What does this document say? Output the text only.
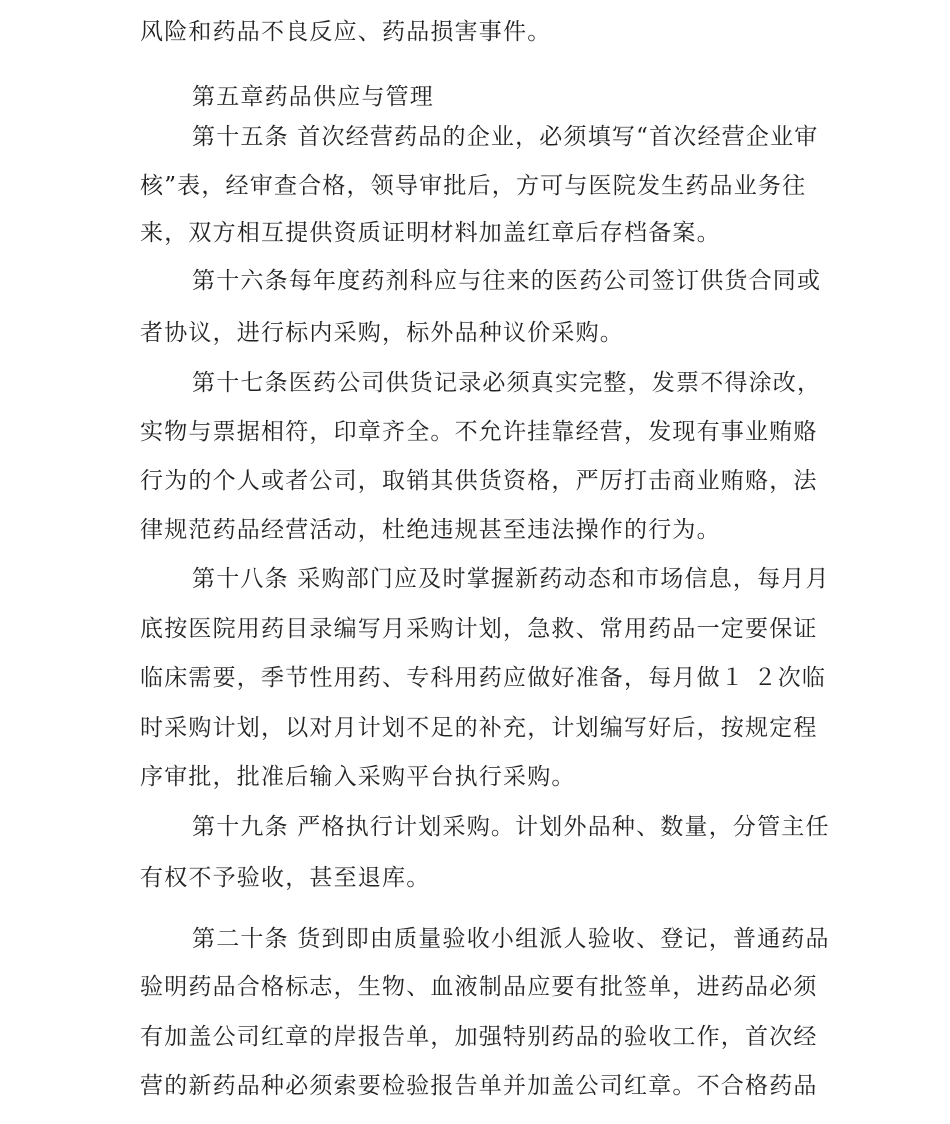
风险和药品不良反应、药品损害事件。
第五章药品供应与管理
第十五条 首次经营药品的企业，必须填写“首次经营企业审
核”表，经审查合格，领导审批后，方可与医院发生药品业务往
来，双方相互提供资质证明材料加盖红章后存档备案。
第十六条每年度药剂科应与往来的医药公司签订供货合同或
者协议，进行标内采购，标外品种议价采购。
第十七条医药公司供货记录必须真实完整，发票不得涂改，
实物与票据相符，印章齐全。不允许挂靠经营，发现有事业贿赂
行为的个人或者公司，取销其供货资格，严厉打击商业贿赂，法
律规范药品经营活动，杜绝违规甚至违法操作的行为。
第十八条 采购部门应及时掌握新药动态和市场信息，每月月
底按医院用药目录编写月采购计划，急救、常用药品一定要保证
临床需要，季节性用药、专科用药应做好准备，每月做１ ２次临
时采购计划，以对月计划不足的补充，计划编写好后，按规定程
序审批，批准后输入采购平台执行采购。
第十九条 严格执行计划采购。计划外品种、数量，分管主任
有权不予验收，甚至退库。
第二十条 货到即由质量验收小组派人验收、登记，普通药品
验明药品合格标志，生物、血液制品应要有批签单，进药品必须
有加盖公司红章的岸报告单，加强特别药品的验收工作，首次经
营的新药品种必须索要检验报告单并加盖公司红章。不合格药品
